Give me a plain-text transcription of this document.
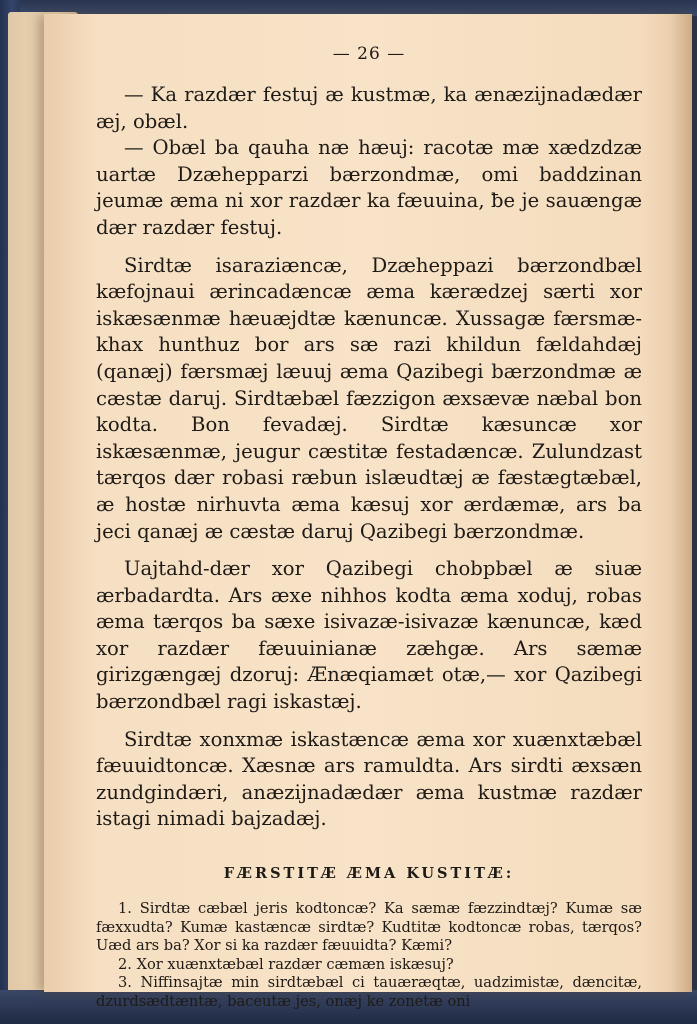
— 26 —

— Ka razdær festuj æ kustmæ, ka ænæzijnadædær æj, obæl.

— Obæl ba qauha næ hæuj: racotæ mæ xædzdzæ uartæ Dzæhepparzi bærzondmæ, omi baddzinan jeumæ æma ni xor razdær ka fæuuina, ƀe je sauængæ dær razdær festuj.

Sirdtæ isaraziæncæ, Dzæheppazi bærzondbæl kæfojnaui ærincadæncæ æma kærædzej særti xor iskæsænmæ hæuæjdtæ kænuncæ. Xussagæ færsmæ-khax hunthuz bor ars sæ razi khildun fældahdæj (qanæj) færsmæj læuuj æma Qazibegi bærzondmæ æ cæstæ daruj. Sirdtæbæl fæzzigon æxsævæ næbal bon kodta. Bon fevadæj. Sirdtæ kæsuncæ xor iskæsænmæ, jeugur cæstitæ festadæncæ. Zulundzast tærqos dær robasi ræbun islæudtæj æ fæstægtæbæl, æ hostæ nirhuvta æma kæsuj xor ærdæmæ, ars ba jeci qanæj æ cæstæ daruj Qazibegi bærzondmæ.

Uajtahd-dær xor Qazibegi chobpbæl æ siuæ ærbadardta. Ars æxe nihhos kodta æma xoduj, robas æma tærqos ba sæxe isivazæ-isivazæ kænuncæ, kæd xor razdær fæuuinianæ zæhgæ. Ars sæmæ girizgængæj dzoruj: Ænæqiamæt otæ,— xor Qazibegi bærzondbæl ragi iskastæj.

Sirdtæ xonxmæ iskastæncæ æma xor xuænxtæbæl fæuuidtoncæ. Xæsnæ ars ramuldta. Ars sirdti æxsæn zundgindæri, anæzijnadædær æma kustmæ razdær istagi nimadi bajzadæj.

FÆRSTITÆ ÆMA KUSTITÆ:

1. Sirdtæ cæbæl jeris kodtoncæ? Ka sæmæ fæzzindtæj? Kumæ sæ fæxxudta? Kumæ kastæncæ sirdtæ? Kudtitæ kodtoncæ robas, tærqos? Uæd ars ba? Xor si ka razdær fæuuidta? Kæmi?

2. Xor xuænxtæbæl razdær cæmæn iskæsuj?

3. Niffinsajtæ min sirdtæbæl ci tauæræqtæ, uadzimistæ, dæncitæ, dzurdsædtæntæ, baceutæ jes, onæj ke zonetæ oni
